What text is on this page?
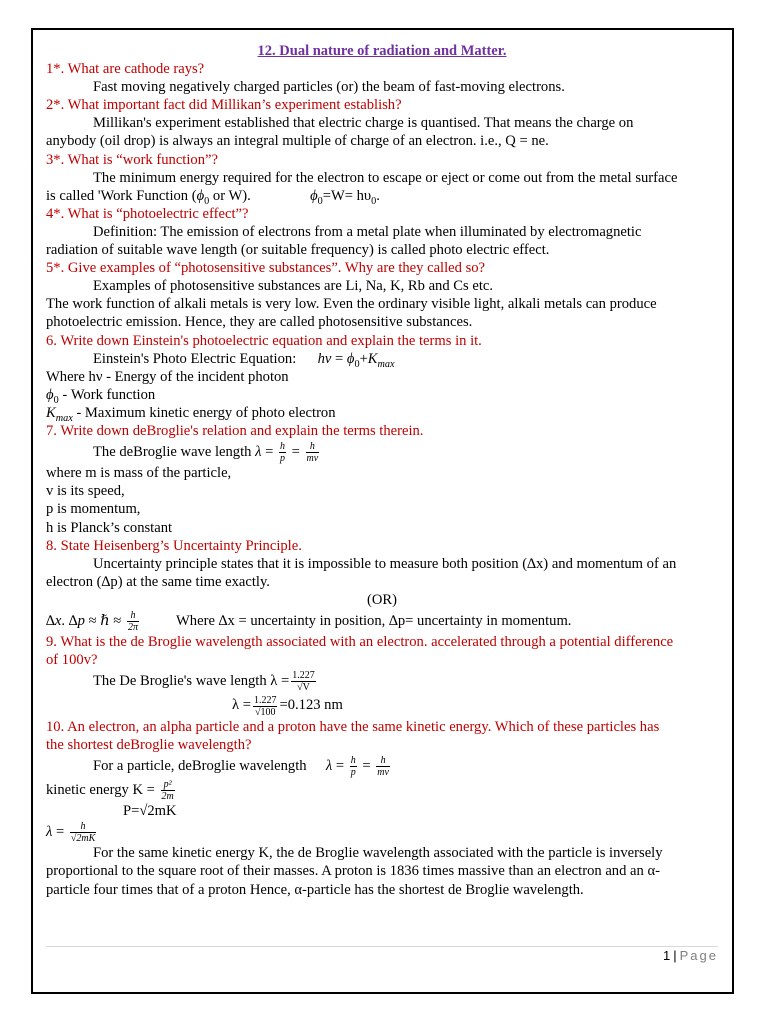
12. Dual nature of radiation and Matter.
1*. What are cathode rays?
Fast moving negatively charged particles (or) the beam of fast-moving electrons.
2*. What important fact did Millikan’s experiment establish?
Millikan's experiment established that electric charge is quantised. That means the charge on
anybody (oil drop) is always an integral multiple of charge of an electron. i.e., Q = ne.
3*. What is “work function”?
The minimum energy required for the electron to escape or eject or come out from the metal surface
is called 'Work Function ($\phi_0$ or W).	$\phi_0=W= h\upsilon_0$.
4*. What is “photoelectric effect”?
Definition: The emission of electrons from a metal plate when illuminated by electromagnetic
radiation of suitable wave length (or suitable frequency) is called photo electric effect.
5*. Give examples of “photosensitive substances”. Why are they called so?
Examples of photosensitive substances are Li, Na, K, Rb and Cs etc.
The work function of alkali metals is very low. Even the ordinary visible light, alkali metals can produce
photoelectric emission. Hence, they are called photosensitive substances.
6. Write down Einstein's photoelectric equation and explain the terms in it.
Einstein's Photo Electric Equation: $h\nu = \phi_0+K_{max}$
Where hν - Energy of the incident photon
$\phi_0$ - Work function
$K_{max}$ - Maximum kinetic energy of photo electron
7. Write down deBroglie's relation and explain the terms therein.
The deBroglie wave length $\lambda = \frac{h}{p} = \frac{h}{mv}$
where m is mass of the particle,
v is its speed,
p is momentum,
h is Planck’s constant
8. State Heisenberg’s Uncertainty Principle.
Uncertainty principle states that it is impossible to measure both position (∆x) and momentum of an
electron (∆p) at the same time exactly.
(OR)
∆x. ∆p ≈ ℏ ≈ $\frac{h}{2\pi}$	Where ∆x = uncertainty in position, ∆p= uncertainty in momentum.
9. What is the de Broglie wavelength associated with an electron. accelerated through a potential difference
of 100v?
The De Broglie's wave length $\lambda = \frac{1.227}{√V}$
$\lambda = \frac{1.227}{√100} =0.123$ nm
10. An electron, an alpha particle and a proton have the same kinetic energy. Which of these particles has
the shortest deBroglie wavelength?
For a particle, deBroglie wavelength $\lambda = \frac{h}{p} = \frac{h}{mv}$
kinetic energy $K = \frac{\text{p²}}{2m}$
P=√2mK
$\lambda = \frac{h}{√2mK}$
For the same kinetic energy K, the de Broglie wavelength associated with the particle is inversely
proportional to the square root of their masses. A proton is 1836 times massive than an electron and an α-
particle four times that of a proton Hence, α-particle has the shortest de Broglie wavelength.
1 | Page
